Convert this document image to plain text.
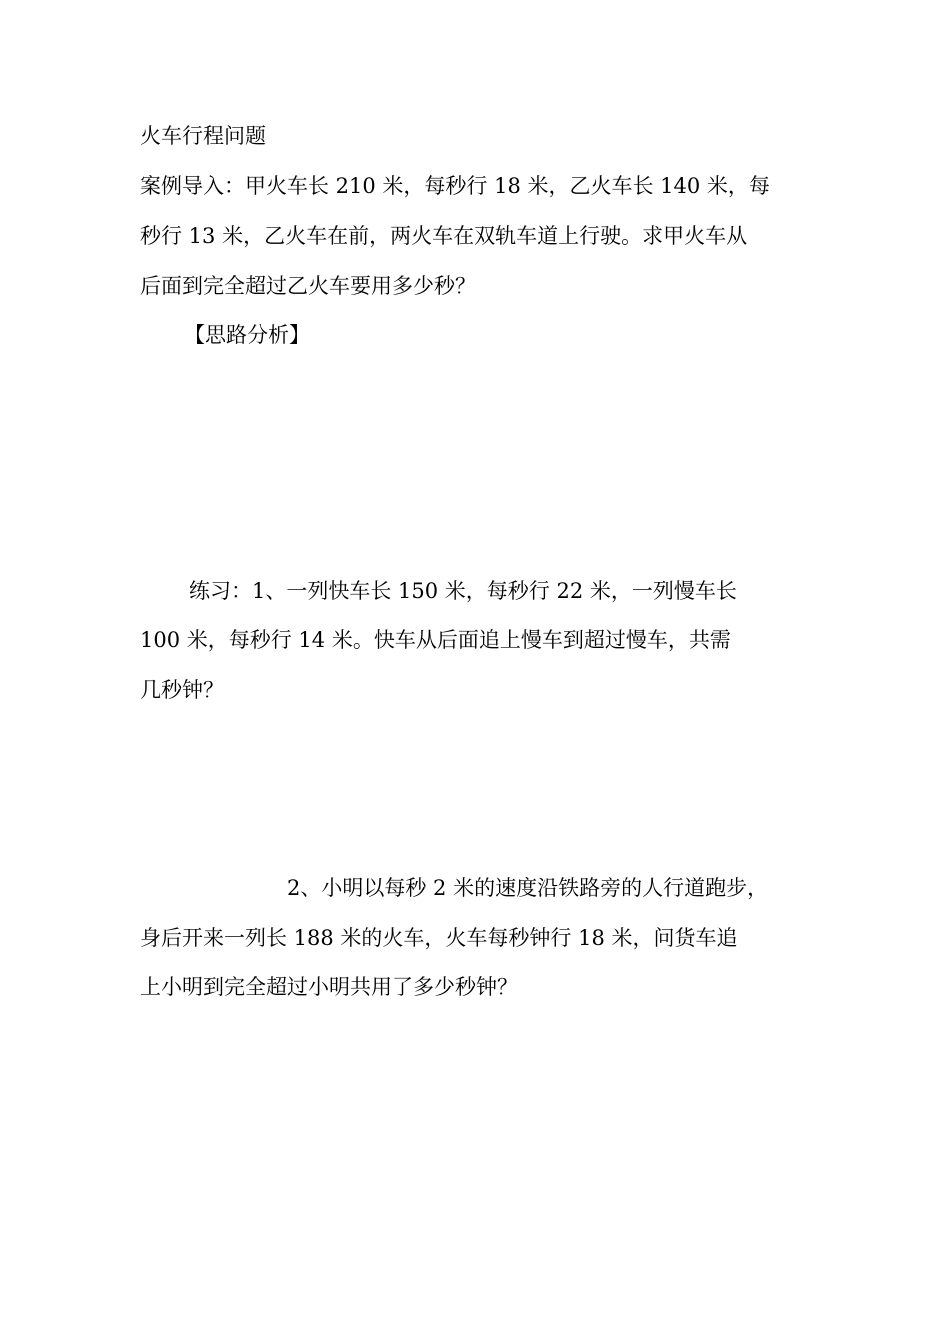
火车行程问题
案例导入：甲火车长 210 米，每秒行 18 米，乙火车长 140 米，每
秒行 13 米，乙火车在前，两火车在双轨车道上行驶。求甲火车从
后面到完全超过乙火车要用多少秒？
【思路分析】
练习：1、一列快车长 150 米，每秒行 22 米，一列慢车长
100 米，每秒行 14 米。快车从后面追上慢车到超过慢车，共需
几秒钟？
2、小明以每秒 2 米的速度沿铁路旁的人行道跑步，
身后开来一列长 188 米的火车，火车每秒钟行 18 米，问货车追
上小明到完全超过小明共用了多少秒钟？
